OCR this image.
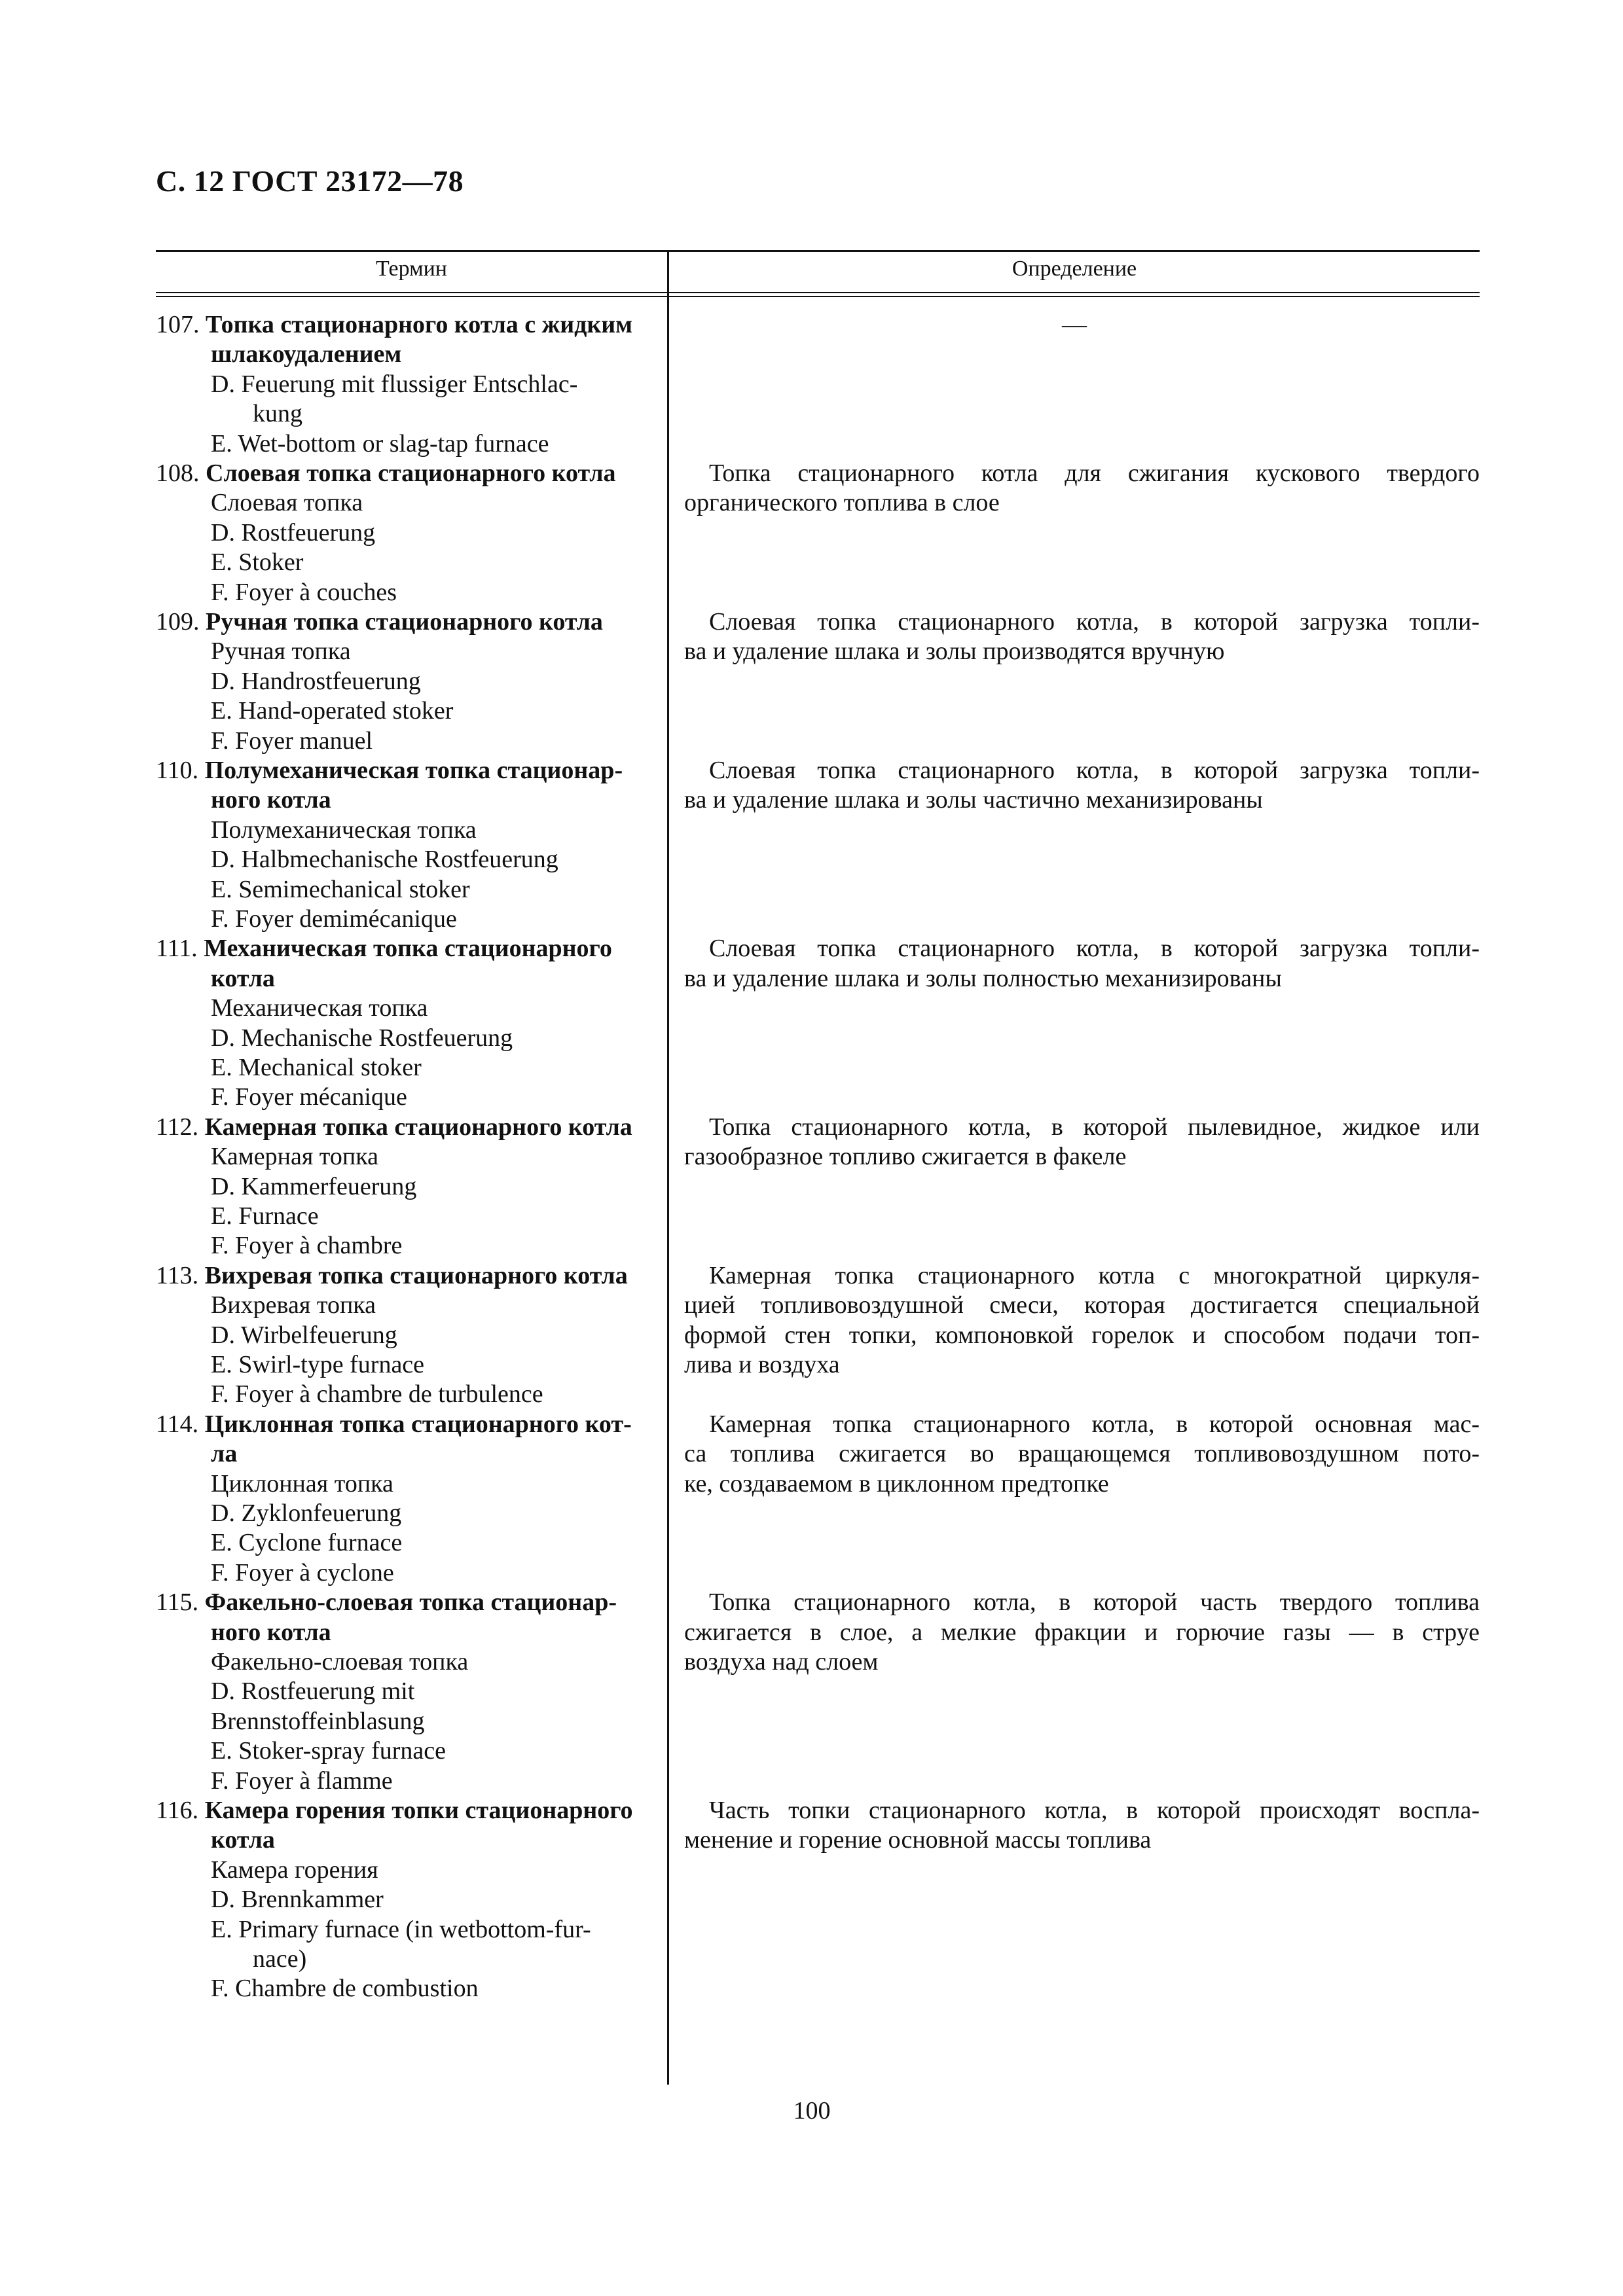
С. 12 ГОСТ 23172—78
Термин	Определение
107. Топка стационарного котла с жидким
шлакоудалением
D. Feuerung mit flussiger Entschlac-
kung
E. Wet-bottom or slag-tap furnace
—
108. Слоевая топка стационарного котла
Слоевая топка
D. Rostfeuerung
E. Stoker
F. Foyer à couches
Топка стационарного котла для сжигания кускового твердого
органического топлива в слое
109. Ручная топка стационарного котла
Ручная топка
D. Handrostfeuerung
E. Hand-operated stoker
F. Foyer manuel
Слоевая топка стационарного котла, в которой загрузка топли-
ва и удаление шлака и золы производятся вручную
110. Полумеханическая топка стационар-
ного котла
Полумеханическая топка
D. Halbmechanische Rostfeuerung
E. Semimechanical stoker
F. Foyer demimécanique
Слоевая топка стационарного котла, в которой загрузка топли-
ва и удаление шлака и золы частично механизированы
111. Механическая топка стационарного
котла
Механическая топка
D. Mechanische Rostfeuerung
E. Mechanical stoker
F. Foyer mécanique
Слоевая топка стационарного котла, в которой загрузка топли-
ва и удаление шлака и золы полностью механизированы
112. Камерная топка стационарного котла
Камерная топка
D. Kammerfeuerung
E. Furnace
F. Foyer à chambre
Топка стационарного котла, в которой пылевидное, жидкое или
газообразное топливо сжигается в факеле
113. Вихревая топка стационарного котла
Вихревая топка
D. Wirbelfeuerung
E. Swirl-type furnace
F. Foyer à chambre de turbulence
Камерная топка стационарного котла с многократной циркуля-
цией топливовоздушной смеси, которая достигается специальной
формой стен топки, компоновкой горелок и способом подачи топ-
лива и воздуха
114. Циклонная топка стационарного кот-
ла
Циклонная топка
D. Zyklonfeuerung
E. Cyclone furnace
F. Foyer à cyclone
Камерная топка стационарного котла, в которой основная мас-
са топлива сжигается во вращающемся топливовоздушном пото-
ке, создаваемом в циклонном предтопке
115. Факельно-слоевая топка стационар-
ного котла
Факельно-слоевая топка
D. Rostfeuerung mit
Brennstoffeinblasung
E. Stoker-spray furnace
F. Foyer à flamme
Топка стационарного котла, в которой часть твердого топлива
сжигается в слое, а мелкие фракции и горючие газы — в струе
воздуха над слоем
116. Камера горения топки стационарного
котла
Камера горения
D. Brennkammer
E. Primary furnace (in wetbottom-fur-
nace)
F. Chambre de combustion
Часть топки стационарного котла, в которой происходят воспла-
менение и горение основной массы топлива
100
